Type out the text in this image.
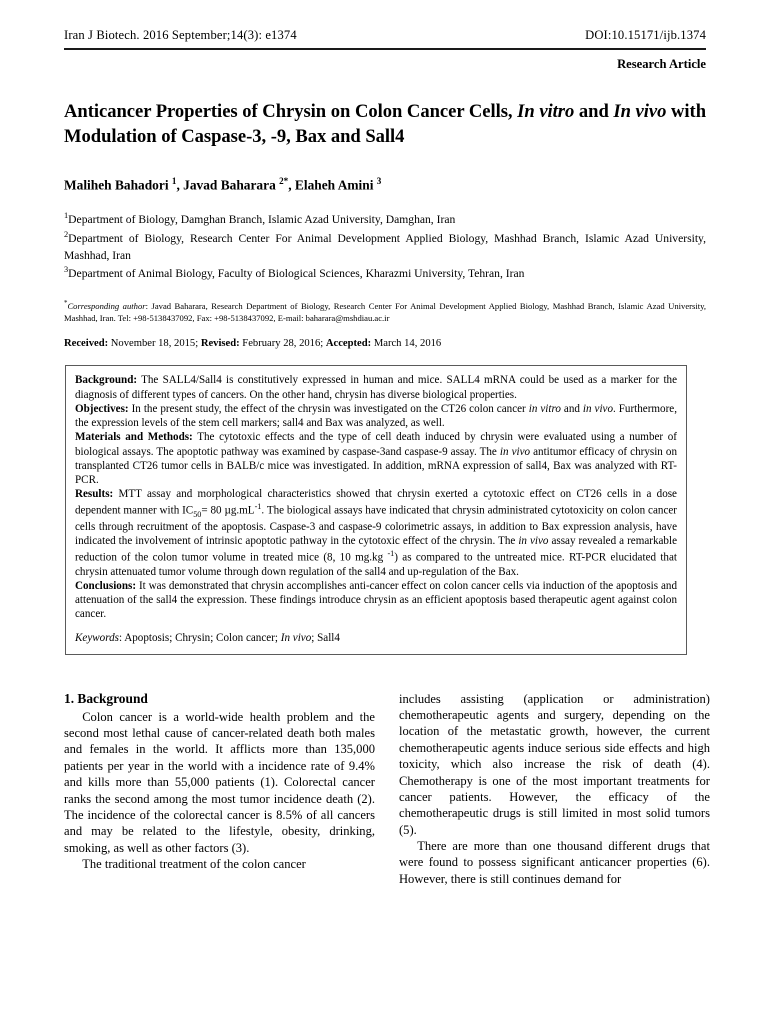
Iran J Biotech. 2016 September;14(3): e1374	DOI:10.15171/ijb.1374
Research Article
Anticancer Properties of Chrysin on Colon Cancer Cells, In vitro and In vivo with Modulation of Caspase-3, -9, Bax and Sall4
Maliheh Bahadori $^1$, Javad Baharara $^{2*}$, Elaheh Amini $^3$

$^1$Department of Biology, Damghan Branch, Islamic Azad University, Damghan, Iran

$^2$Department of Biology, Research Center For Animal Development Applied Biology, Mashhad Branch, Islamic Azad University, Mashhad, Iran

$^3$Department of Animal Biology, Faculty of Biological Sciences, Kharazmi University, Tehran, Iran

*Corresponding author: Javad Baharara, Research Department of Biology, Research Center For Animal Development Applied Biology, Mashhad Branch, Islamic Azad University, Mashhad, Iran. Tel: +98-5138437092, Fax: +98-5138437092, E-mail: baharara@mshdiau.ac.ir
Received: November 18, 2015; Revised: February 28, 2016; Accepted: March 14, 2016

Background: The SALL4/Sall4 is constitutively expressed in human and mice. SALL4 mRNA could be used as a marker for the diagnosis of different types of cancers. On the other hand, chrysin has diverse biological properties.

Objectives: In the present study, the effect of the chrysin was investigated on the CT26 colon cancer in vitro and in vivo. Furthermore, the expression levels of the stem cell markers; sall4 and Bax was analyzed, as well.

Materials and Methods: The cytotoxic effects and the type of cell death induced by chrysin were evaluated using a number of biological assays. The apoptotic pathway was examined by caspase-3and caspase-9 assay. The in vivo antitumor efficacy of chrysin on transplanted CT26 tumor cells in BALB/c mice was investigated. In addition, mRNA expression of sall4, Bax was analyzed with RT-PCR.

Results: MTT assay and morphological characteristics showed that chrysin exerted a cytotoxic effect on CT26 cells in a dose dependent manner with $IC_{50}= 80$ $\mu g.mL^{-1}$. The biological assays have indicated that chrysin administrated cytotoxicity on colon cancer cells through recruitment of the apoptosis. Caspase-3 and caspase-9 colorimetric assays, in addition to Bax expression analysis, have indicated the involvement of intrinsic apoptotic pathway in the cytotoxic effect of the chrysin. The in vivo assay revealed a remarkable reduction of the colon tumor volume in treated mice (8, 10 mg.kg $^{-1}$) as compared to the untreated mice. RT-PCR elucidated that chrysin attenuated tumor volume through down regulation of the sall4 and up-regulation of the Bax.

Conclusions: It was demonstrated that chrysin accomplishes anti-cancer effect on colon cancer cells via induction of the apoptosis and attenuation of the sall4 the expression. These findings introduce chrysin as an efficient apoptosis based therapeutic agent against colon cancer.

Keywords: Apoptosis; Chrysin; Colon cancer; In vivo; Sall4

1. Background

Colon cancer is a world-wide health problem and the second most lethal cause of cancer-related death both males and females in the world. It afflicts more than 135,000 patients per year in the world with a incidence rate of 9.4% and kills more than 55,000 patients (1). Colorectal cancer ranks the second among the most tumor incidence death (2). The incidence of the colorectal cancer is 8.5% of all cancers and may be related to the lifestyle, obesity, drinking, smoking, as well as other factors (3).

The traditional treatment of the colon cancer

includes assisting (application or administration) chemotherapeutic agents and surgery, depending on the location of the metastatic growth, however, the current chemotherapeutic agents induce serious side effects and high toxicity, which also increase the risk of death (4). Chemotherapy is one of the most important treatments for cancer patients. However, the efficacy of the chemotherapeutic drugs is still limited in most solid tumors (5).

There are more than one thousand different drugs that were found to possess significant anticancer properties (6). However, there is still continues demand for
